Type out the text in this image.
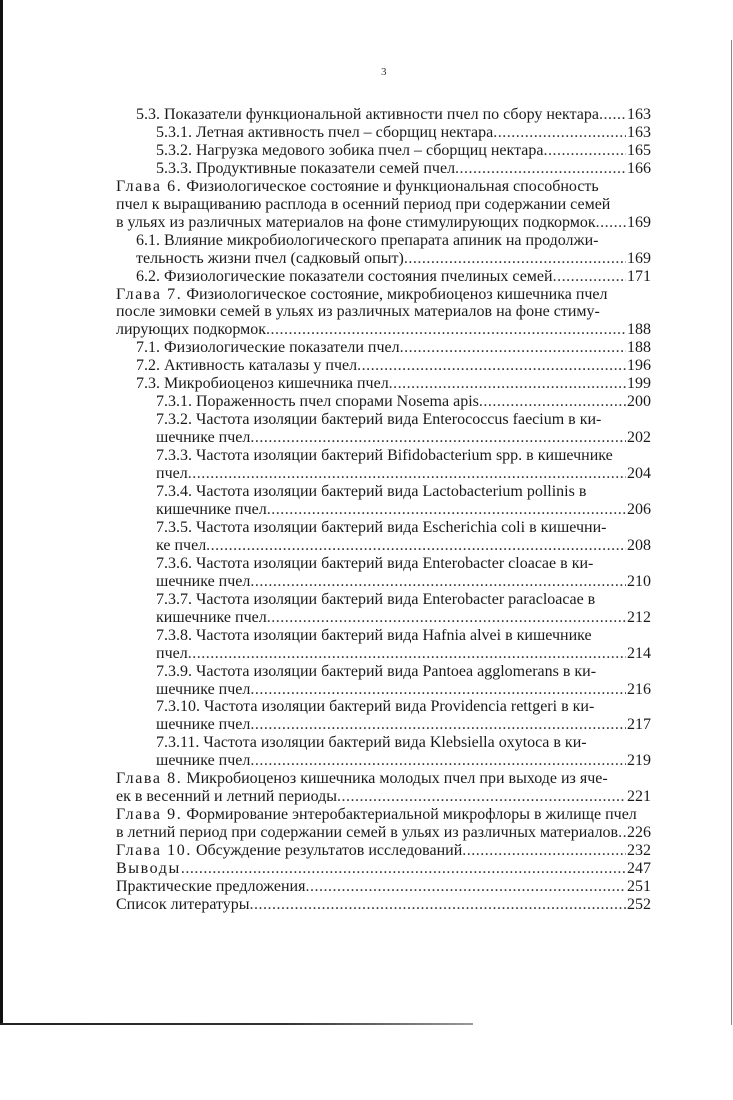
3
5.3. Показатели функциональной активности пчел по сбору нектара ..... 163
5.3.1. Летная активность пчел – сборщиц нектара .....	163
5.3.2. Нагрузка медового зобика пчел – сборщиц нектара .....	165
5.3.3. Продуктивные показатели семей пчел .....	166
Глава 6.
Физиологическое состояние и функциональная способность
пчел к выращиванию расплода в осенний период при содержании семей
в ульях из различных материалов на фоне стимулирующих подкормок ..... 169
6.1. Влияние микробиологического препарата апиник на продолжи-
тельность жизни пчел (садковый опыт) .....	169
6.2. Физиологические показатели состояния пчелиных семей .....	171
Глава 7.
Физиологическое состояние, микробиоценоз кишечника пчел
после зимовки семей в ульях из различных материалов на фоне стиму-
лирующих подкормок .....	188
7.1. Физиологические показатели пчел .....	188
7.2. Активность каталазы у пчел .....	196
7.3. Микробиоценоз кишечника пчел .....	199
7.3.1. Пораженность пчел спорами Nosema apis .....	200
7.3.2. Частота изоляции бактерий вида Enterococcus faecium в ки-
шечнике пчел .....	202
7.3.3. Частота изоляции бактерий Bifidobacterium spp. в кишечнике
пчел .....	204
7.3.4. Частота изоляции бактерий вида Lactobacterium pollinis в
кишечнике пчел .....	206
7.3.5. Частота изоляции бактерий вида Escherichia coli в кишечни-
ке пчел .....	208
7.3.6. Частота изоляции бактерий вида Enterobacter cloacae в ки-
шечнике пчел .....	210
7.3.7. Частота изоляции бактерий вида Enterobacter paracloacae в
кишечнике пчел .....	212
7.3.8. Частота изоляции бактерий вида Hafnia alvei в кишечнике
пчел .....	214
7.3.9. Частота изоляции бактерий вида Pantoea agglomerans в ки-
шечнике пчел .....	216
7.3.10. Частота изоляции бактерий вида Providencia rettgeri в ки-
шечнике пчел .....	217
7.3.11. Частота изоляции бактерий вида Klebsiella oxytoca в ки-
шечнике пчел .....	219
Глава 8.
Микробиоценоз кишечника молодых пчел при выходе из яче-
ек в весенний и летний периоды .....	221
Глава 9.
Формирование энтеробактериальной микрофлоры в жилище пчел
в летний период при содержании семей в ульях из различных материалов ..... 226
Глава 10. Обсуждение результатов исследований .....	232
Выводы .....	247
Практические предложения .....	251
Список литературы .....	252
